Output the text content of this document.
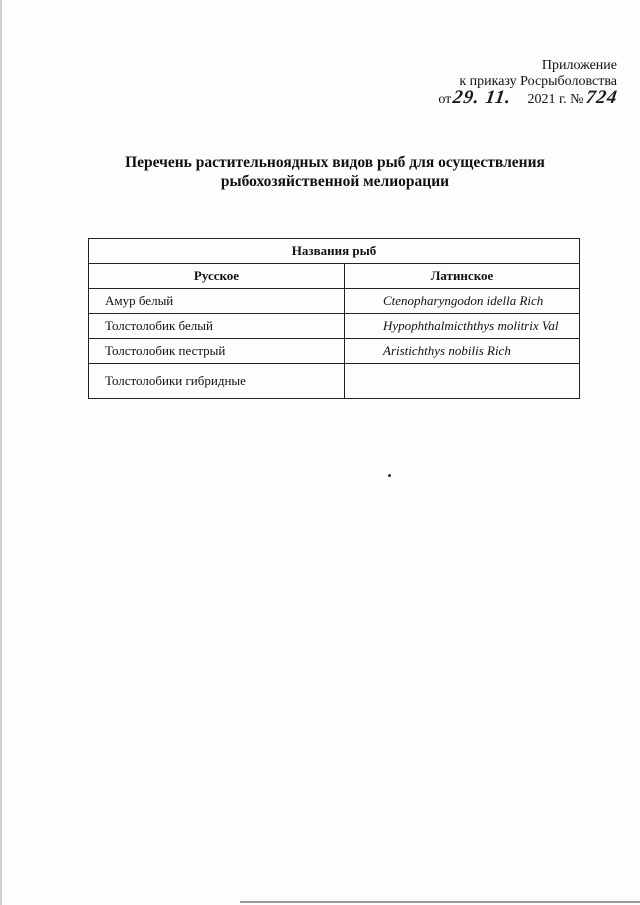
Приложение
к приказу Росрыболовства
от29. 11. 2021 г. №724
Перечень растительноядных видов рыб для осуществления
рыбохозяйственной мелиорации
Названия рыб	
Русское	Латинское
Амур белый	Ctenopharyngodon idella Rich
Толстолобик белый	Hypophthalmicththys molitrix Val
Толстолобик пестрый	Aristichthys nobilis Rich
Толстолобики гибридные	
